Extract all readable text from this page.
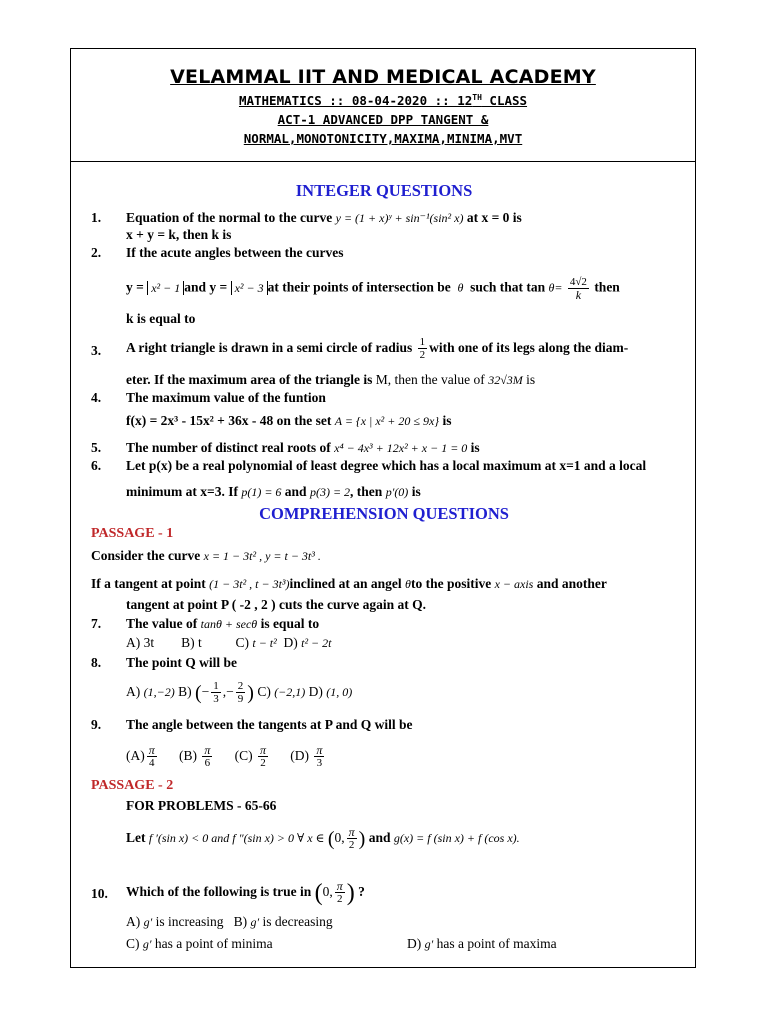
VELAMMAL IIT AND MEDICAL ACADEMY
MATHEMATICS :: 08-04-2020 :: 12TH CLASS
ACT-1 ADVANCED DPP TANGENT &
NORMAL,MONOTONICITY,MAXIMA,MINIMA,MVT
INTEGER QUESTIONS
1. Equation of the normal to the curve y = (1 + x)ʸ + sin⁻¹(sin² x) at x = 0 is
x + y = k, then k is
2. If the acute angles between the curves
y = x² − 1 and y = x² − 3 at their points of intersection be θ such that $\tan \theta= \frac{4√2}{k}$ then
k is equal to
3. A right triangle is drawn in a semi circle of radius $\frac{1}{2}$ with one of its legs along the diam-
eter. If the maximum area of the triangle is M, then the value of 32√3M is
4. The maximum value of the funtion
f(x) = 2x³ - 15x² + 36x - 48 on the set A = {x | x² + 20 ≤ 9x} is
5. The number of distinct real roots of x⁴ − 4x³ + 12x² + x − 1 = 0 is
6. Let p(x) be a real polynomial of least degree which has a local maximum at x=1 and a local
minimum at x=3. If p(1) = 6 and p(3) = 2, then p′(0) is
COMPREHENSION QUESTIONS
PASSAGE - 1
Consider the curve x = 1 − 3t² , y = t − 3t³ .
If a tangent at point (1 − 3t² , t − 3t³)inclined at an angel θto the positive x − axis and another
tangent at point P ( -2 , 2 ) cuts the curve again at Q.
7. The value of tanθ + secθ is equal to
A) 3t        B) t          C) t − t² D) t² − 2t
8. The point Q will be
A) (1,−2) B) (− $\frac{1}{3}$ ,− $\frac{2}{9}$ ) C) (−2,1) D) (1, 0)
9. The angle between the tangents at P and Q will be
$(A) \frac{\pi}{4} (B) \frac{\pi}{6} (C) \frac{\pi}{2} (D) \frac{\pi}{3}$
PASSAGE - 2
FOR PROBLEMS - 65-66
Let f ′(sin x) < 0 and f ″(sin x) > 0 ∀ x ∈ (0, $\frac{\pi}{2}$ ) and g(x) = f (sin x) + f (cos x).
10. Which of the following is true in (0, $\frac{\pi}{2}$ ) ?
A) g′ is increasing B) g′ is decreasing
C) g′ has a point of minima	D) g′ has a point of maxima
